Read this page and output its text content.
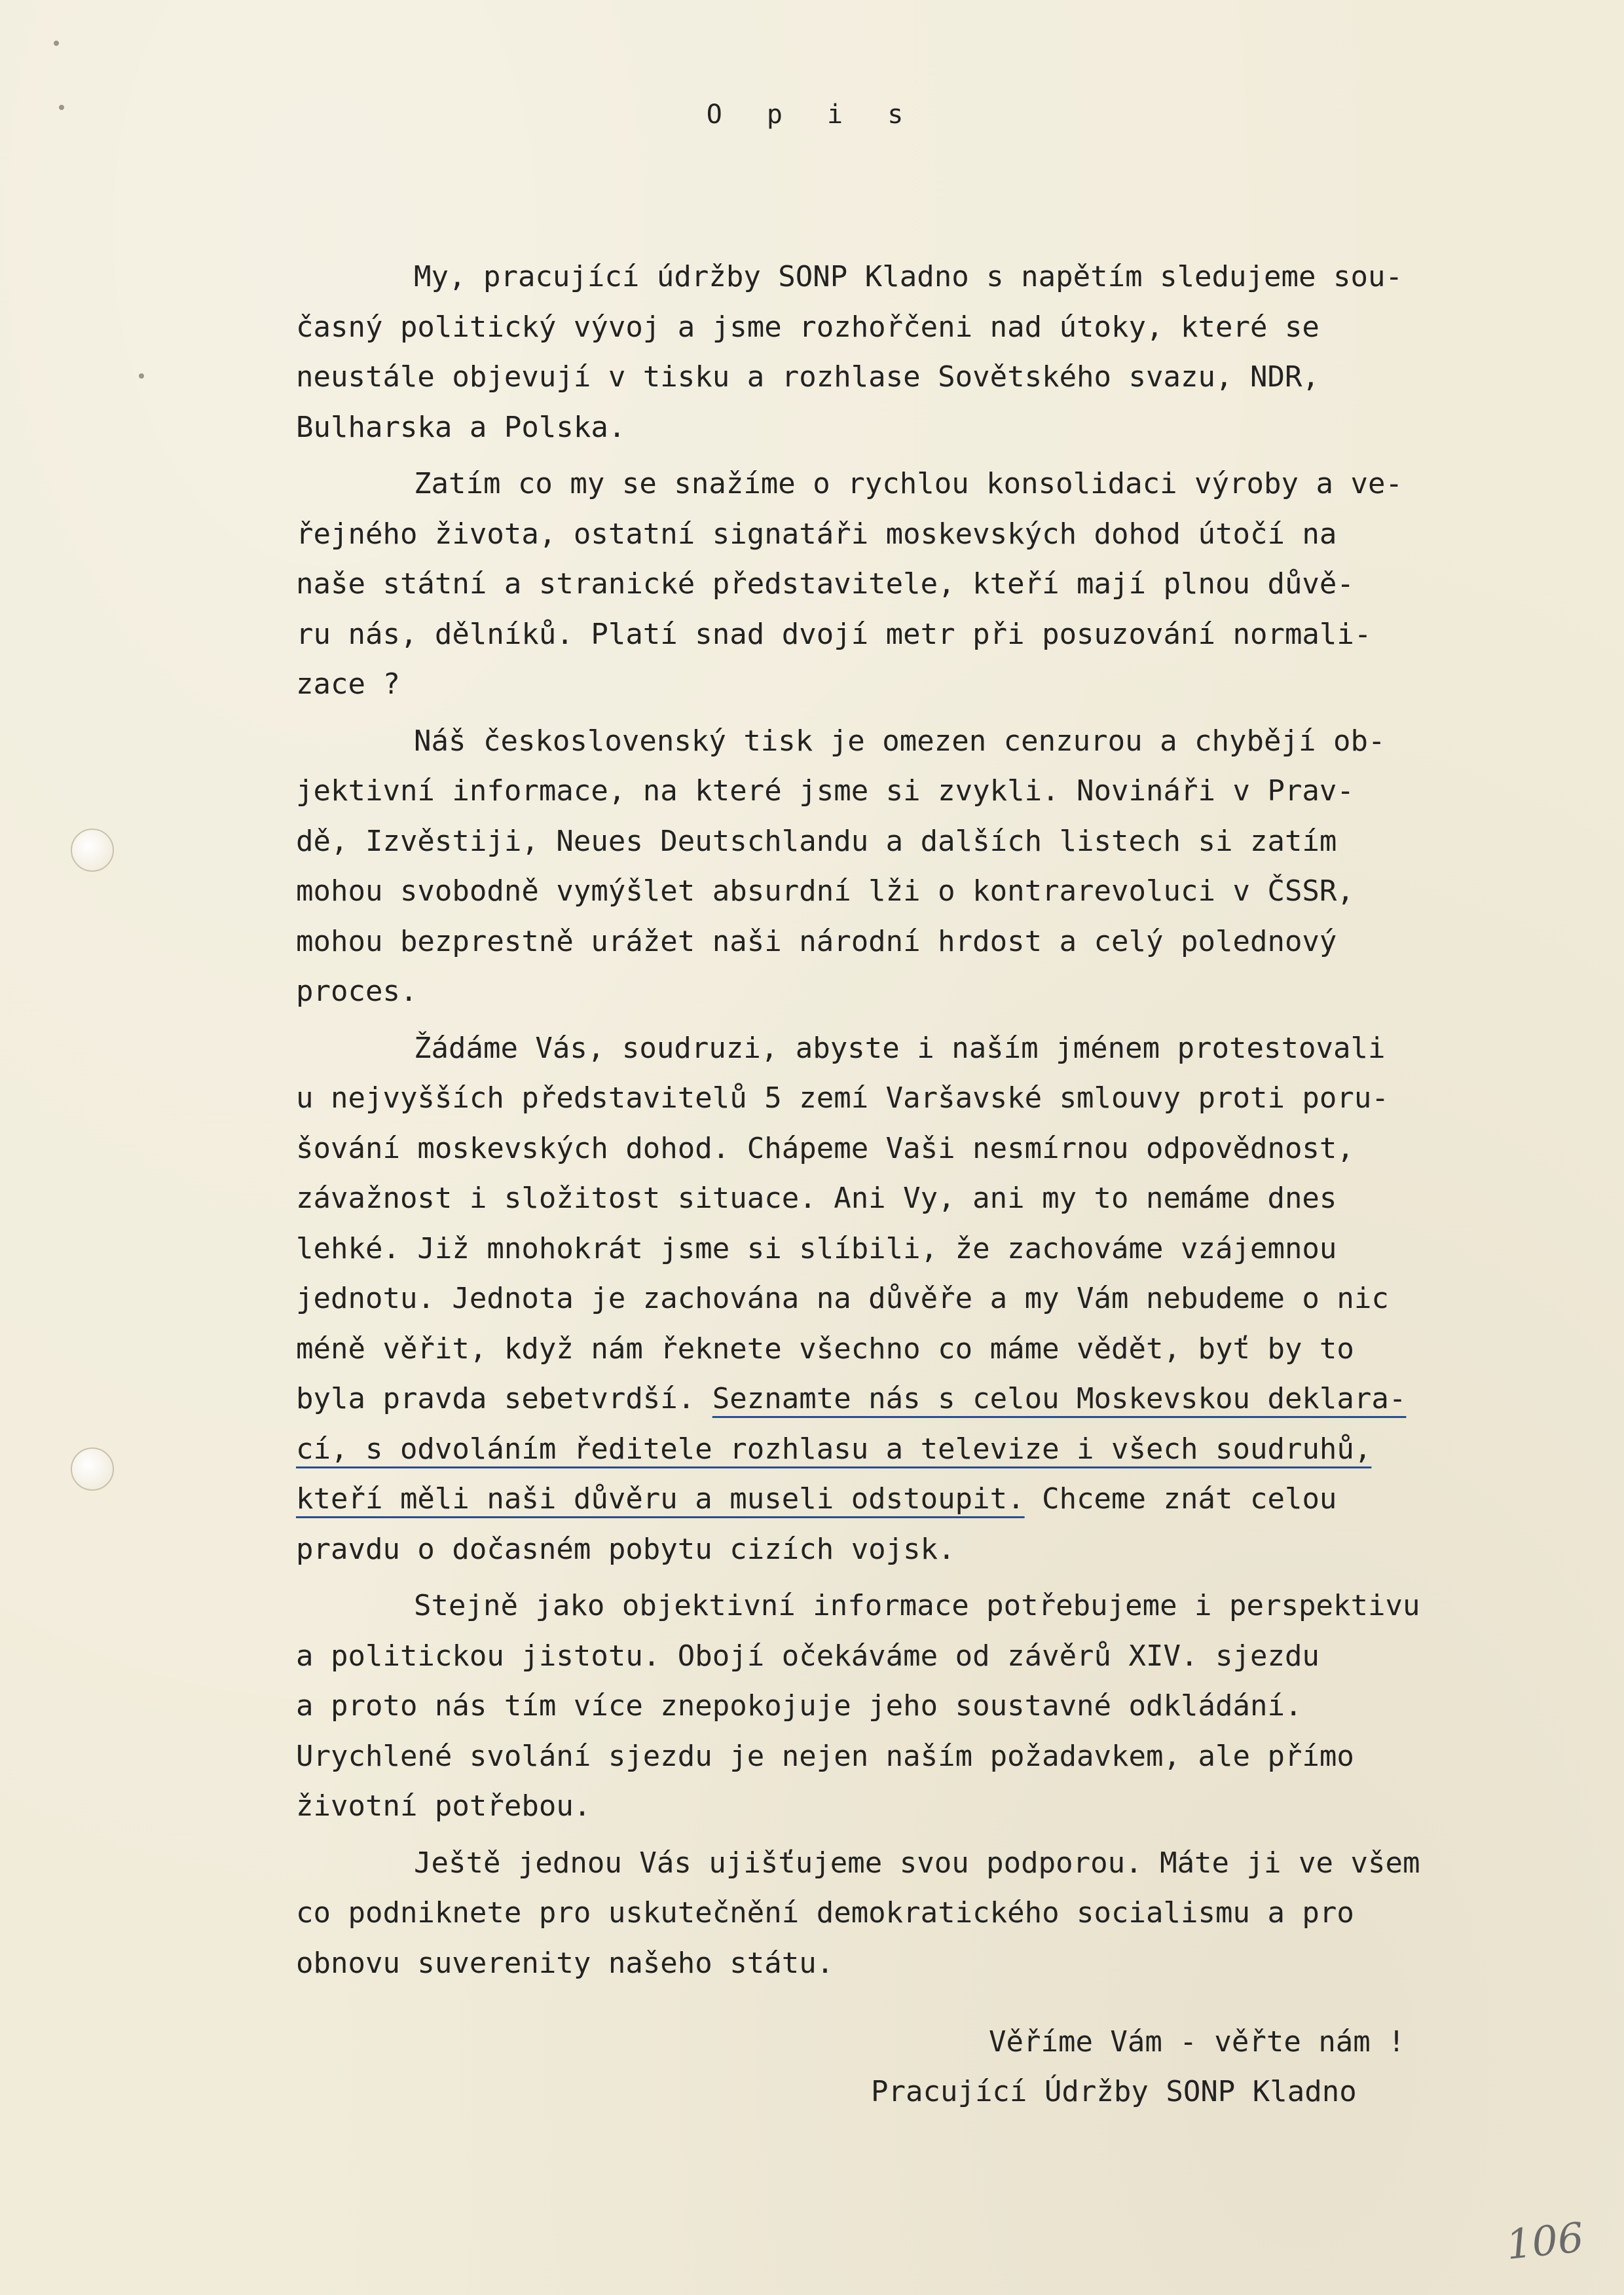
O p i s
My, pracující údržby SONP Kladno s napětím sledujeme sou-
časný politický vývoj a jsme rozhořčeni nad útoky, které se
neustále objevují v tisku a rozhlase Sovětského svazu, NDR,
Bulharska a Polska.
Zatím co my se snažíme o rychlou konsolidaci výroby a ve-
řejného života, ostatní signatáři moskevských dohod útočí na
naše státní a stranické představitele, kteří mají plnou důvě-
ru nás, dělníků. Platí snad dvojí metr při posuzování normali-
zace ?
Náš československý tisk je omezen cenzurou a chybějí ob-
jektivní informace, na které jsme si zvykli. Novináři v Prav-
dě, Izvěstiji, Neues Deutschlandu a dalších listech si zatím
mohou svobodně vymýšlet absurdní lži o kontrarevoluci v ČSSR,
mohou bezprestně urážet naši národní hrdost a celý polednový
proces.
Žádáme Vás, soudruzi, abyste i naším jménem protestovali
u nejvyšších představitelů 5 zemí Varšavské smlouvy proti poru-
šování moskevských dohod. Chápeme Vaši nesmírnou odpovědnost,
závažnost i složitost situace. Ani Vy, ani my to nemáme dnes
lehké. Již mnohokrát jsme si slíbili, že zachováme vzájemnou
jednotu. Jednota je zachována na důvěře a my Vám nebudeme o nic
méně věřit, když nám řeknete všechno co máme vědět, byť by to
byla pravda sebetvrdší. Seznamte nás s celou Moskevskou deklara-
cí, s odvoláním ředitele rozhlasu a televize i všech soudruhů,
kteří měli naši důvěru a museli odstoupit. Chceme znát celou
pravdu o dočasném pobytu cizích vojsk.
Stejně jako objektivní informace potřebujeme i perspektivu
a politickou jistotu. Obojí očekáváme od závěrů XIV. sjezdu
a proto nás tím více znepokojuje jeho soustavné odkládání.
Urychlené svolání sjezdu je nejen naším požadavkem, ale přímo
životní potřebou.
Ještě jednou Vás ujišťujeme svou podporou. Máte ji ve všem
co podniknete pro uskutečnění demokratického socialismu a pro
obnovu suverenity našeho státu.
Věříme Vám - věřte nám !
Pracující Údržby SONP Kladno
106
